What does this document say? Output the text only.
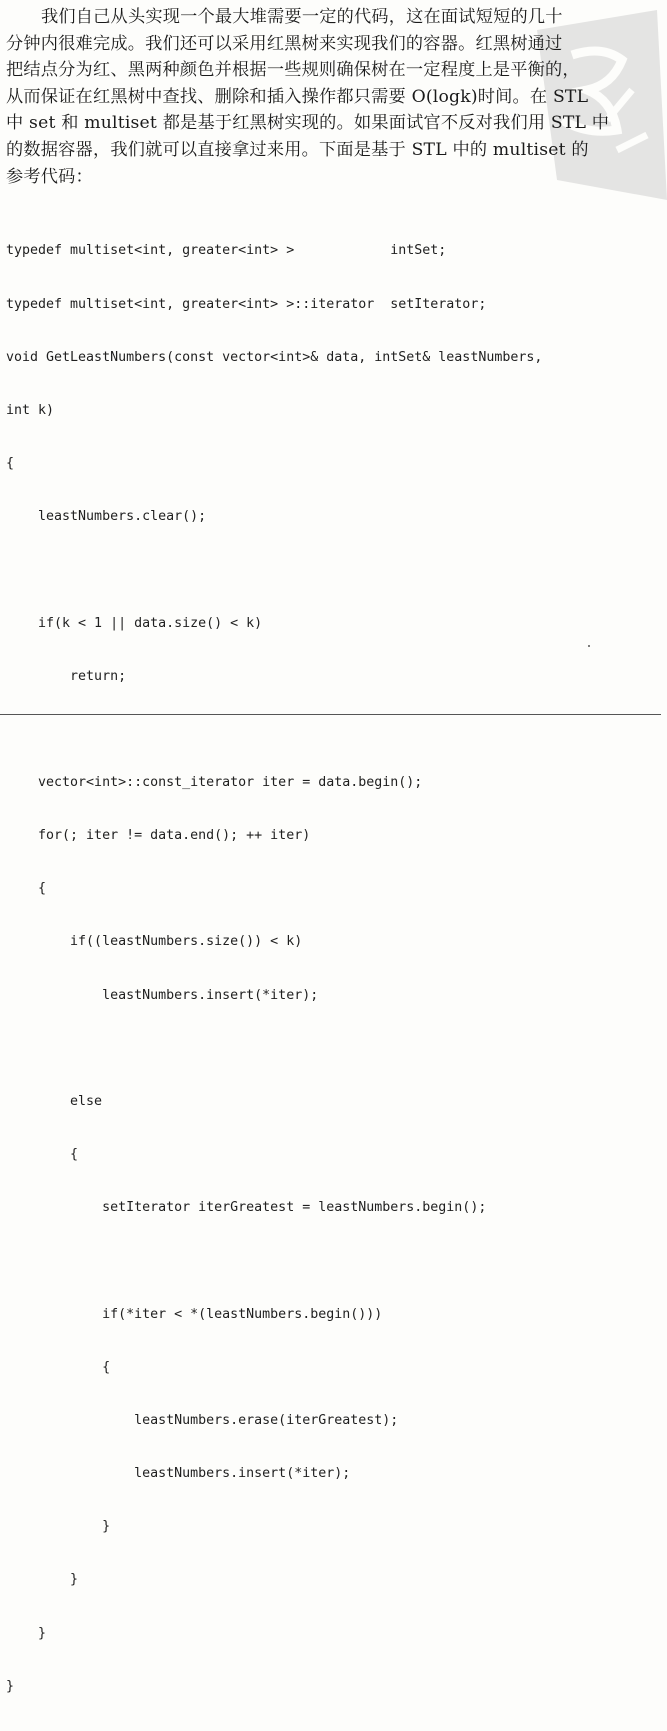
我们自己从头实现一个最大堆需要一定的代码，这在面试短短的几十
分钟内很难完成。我们还可以采用红黑树来实现我们的容器。红黑树通过
把结点分为红、黑两种颜色并根据一些规则确保树在一定程度上是平衡的，
从而保证在红黑树中查找、删除和插入操作都只需要 O(logk)时间。在 STL
中 set 和 multiset 都是基于红黑树实现的。如果面试官不反对我们用 STL 中
的数据容器，我们就可以直接拿过来用。下面是基于 STL 中的 multiset 的
参考代码：

typedef multiset<int, greater<int> >            intSet;

typedef multiset<int, greater<int> >::iterator  setIterator;

void GetLeastNumbers(const vector<int>& data, intSet& leastNumbers,

int k)

{

leastNumbers.clear();

if(k < 1 || data.size() < k)

return;

vector<int>::const_iterator iter = data.begin();

for(; iter != data.end(); ++ iter)

{

if((leastNumbers.size()) < k)

leastNumbers.insert(*iter);

else

{

setIterator iterGreatest = leastNumbers.begin();

if(*iter < *(leastNumbers.begin()))

{

leastNumbers.erase(iterGreatest);

leastNumbers.insert(*iter);

}

}

}

}
